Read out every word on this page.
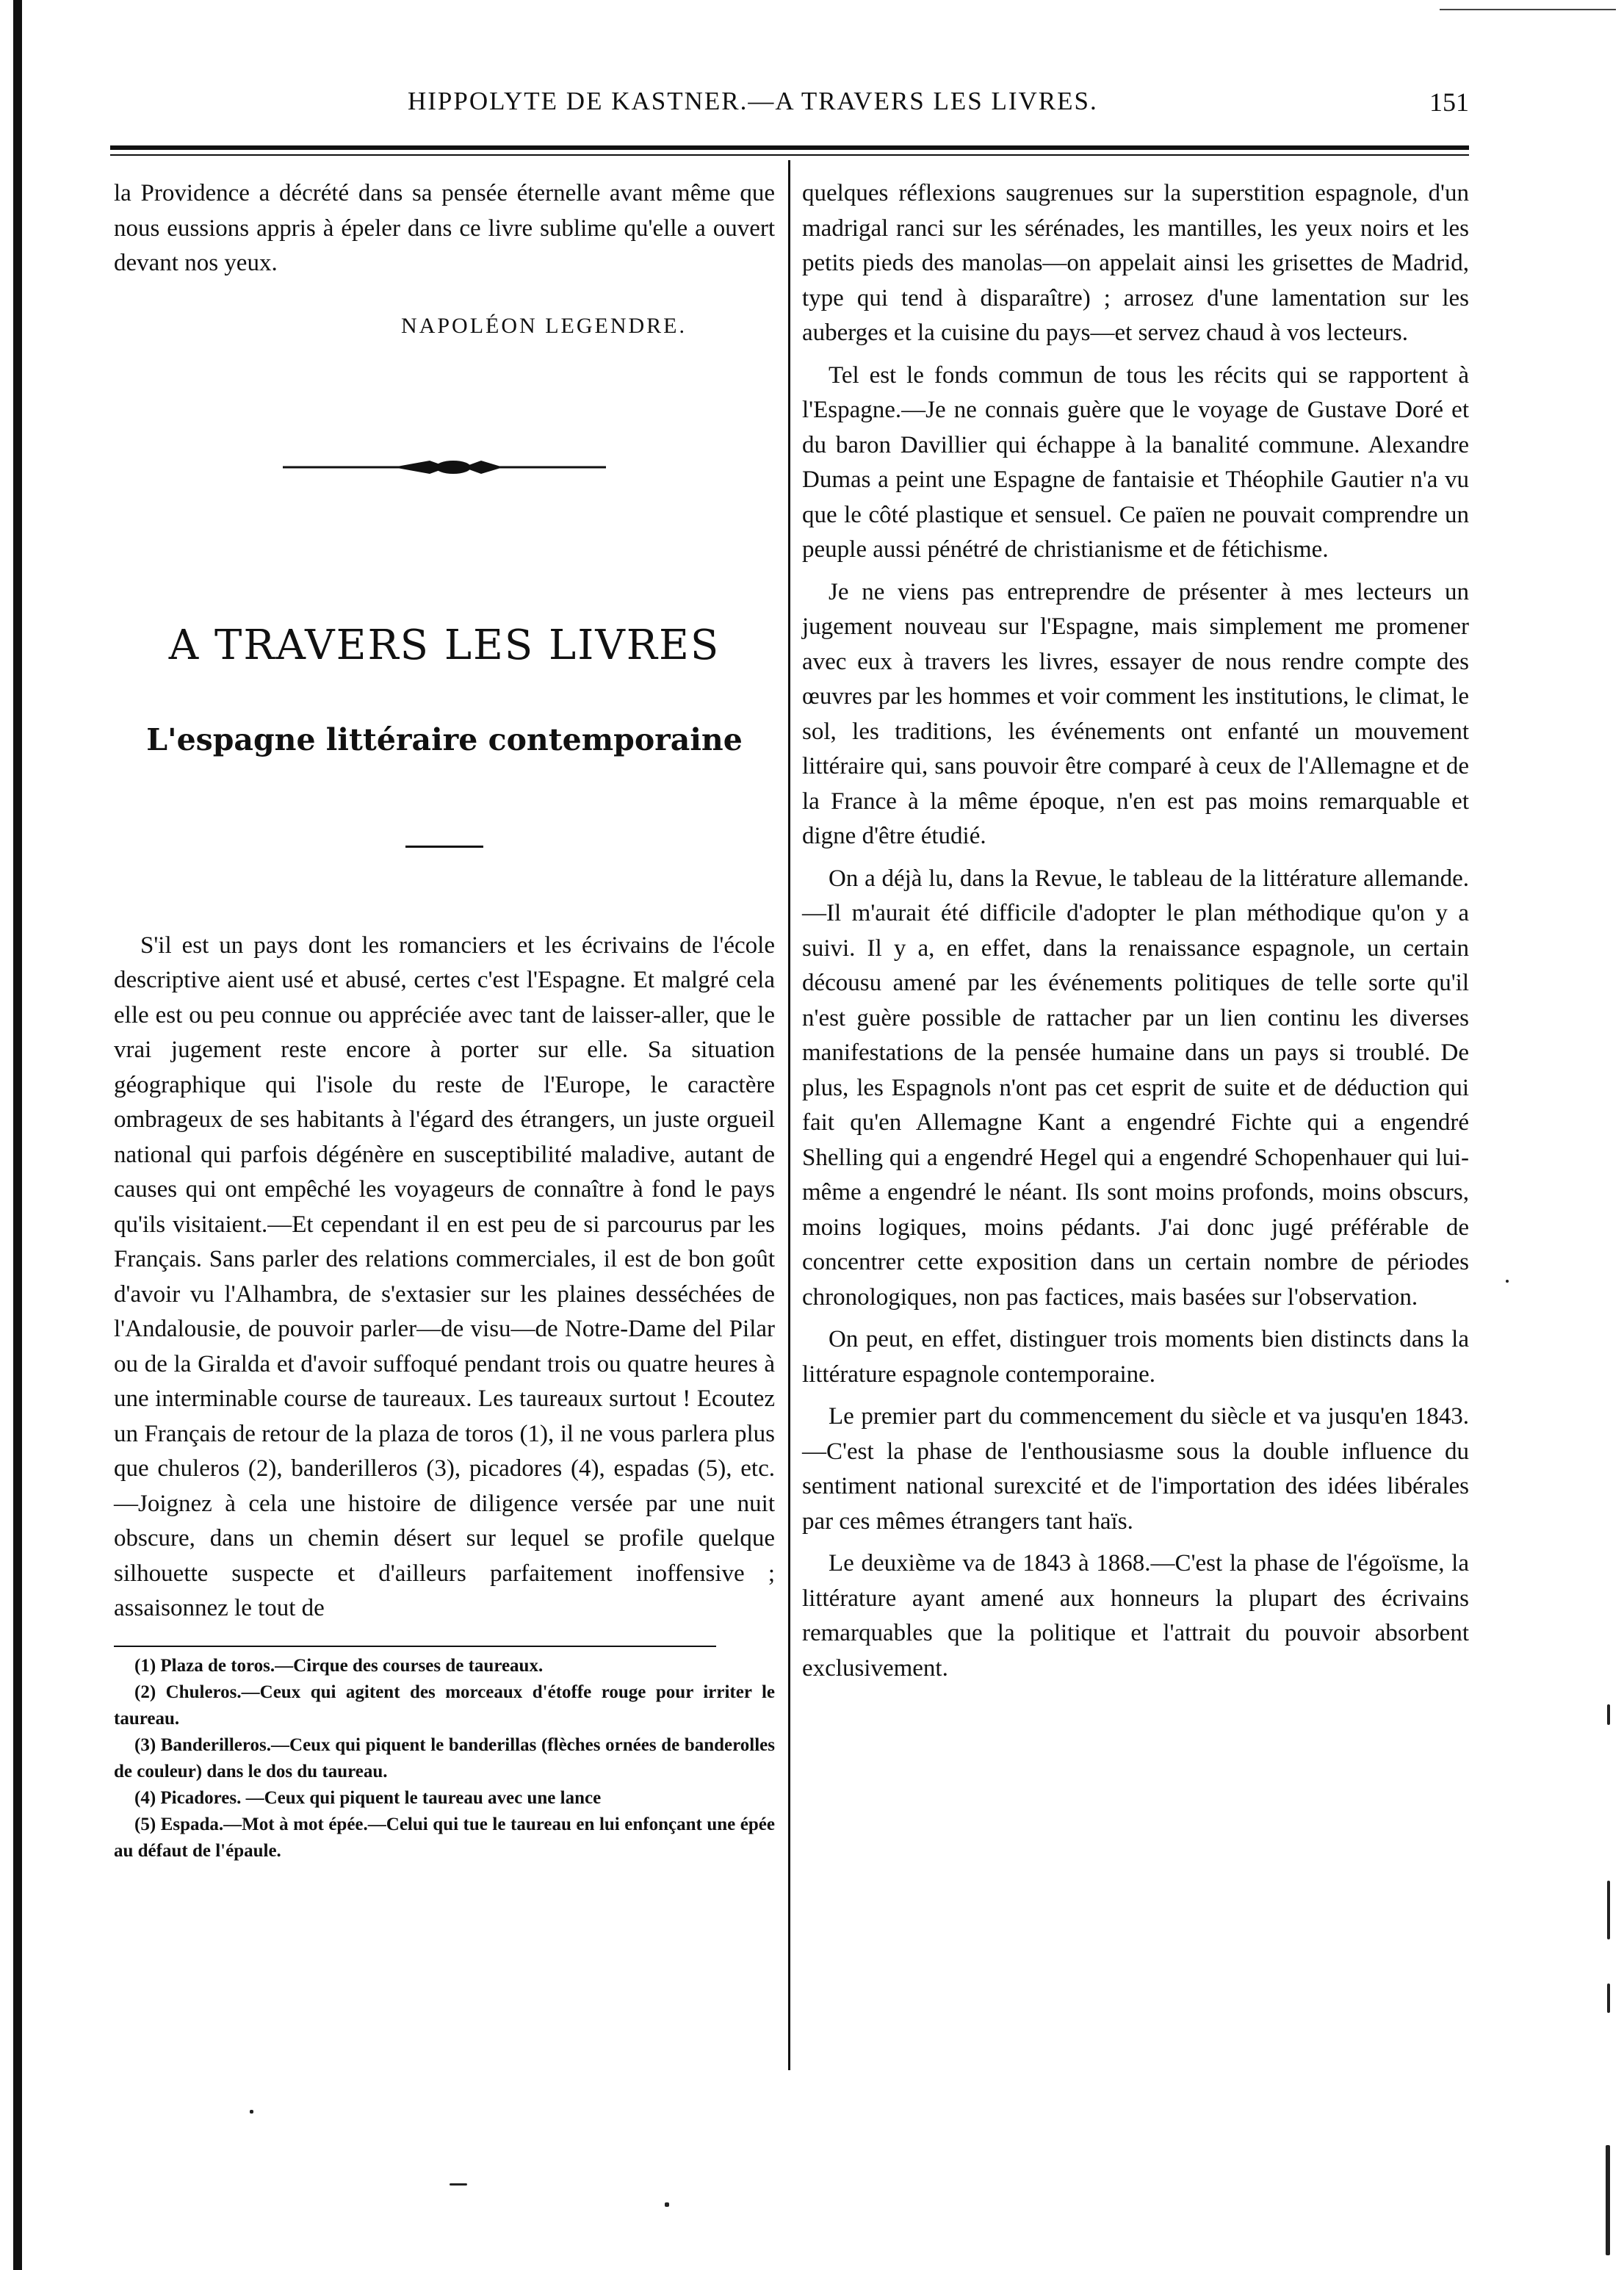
HIPPOLYTE DE KASTNER.—A TRAVERS LES LIVRES.	151

la Providence a décrété dans sa pensée éternelle avant même que nous eussions appris à épeler dans ce livre sublime qu'elle a ouvert devant nos yeux.

NAPOLÉON LEGENDRE.
A TRAVERS LES LIVRES
L'espagne littéraire contemporaine

S'il est un pays dont les romanciers et les écrivains de l'école descriptive aient usé et abusé, certes c'est l'Espagne. Et malgré cela elle est ou peu connue ou appréciée avec tant de laisser-aller, que le vrai jugement reste encore à porter sur elle. Sa situation géographique qui l'isole du reste de l'Europe, le caractère ombrageux de ses habitants à l'égard des étrangers, un juste orgueil national qui parfois dégénère en susceptibilité maladive, autant de causes qui ont empêché les voyageurs de connaître à fond le pays qu'ils visitaient.—Et cependant il en est peu de si parcourus par les Français. Sans parler des relations commerciales, il est de bon goût d'avoir vu l'Alhambra, de s'extasier sur les plaines desséchées de l'Andalousie, de pouvoir parler—de visu—de Notre-Dame del Pilar ou de la Giralda et d'avoir suffoqué pendant trois ou quatre heures à une interminable course de taureaux. Les taureaux surtout ! Ecoutez un Français de retour de la plaza de toros (1), il ne vous parlera plus que chuleros (2), banderilleros (3), picadores (4), espadas (5), etc.—Joignez à cela une histoire de diligence versée par une nuit obscure, dans un chemin désert sur lequel se profile quelque silhouette suspecte et d'ailleurs parfaitement inoffensive ; assaisonnez le tout de

(1) Plaza de toros.—Cirque des courses de taureaux.

(2) Chuleros.—Ceux qui agitent des morceaux d'étoffe rouge pour irriter le taureau.

(3) Banderilleros.—Ceux qui piquent le banderillas (flèches ornées de banderolles de couleur) dans le dos du taureau.

(4) Picadores. —Ceux qui piquent le taureau avec une lance

(5) Espada.—Mot à mot épée.—Celui qui tue le taureau en lui enfonçant une épée au défaut de l'épaule.

quelques réflexions saugrenues sur la superstition espagnole, d'un madrigal ranci sur les sérénades, les mantilles, les yeux noirs et les petits pieds des manolas—on appelait ainsi les grisettes de Madrid, type qui tend à disparaître) ; arrosez d'une lamentation sur les auberges et la cuisine du pays—et servez chaud à vos lecteurs.

Tel est le fonds commun de tous les récits qui se rapportent à l'Espagne.—Je ne connais guère que le voyage de Gustave Doré et du baron Davillier qui échappe à la banalité commune. Alexandre Dumas a peint une Espagne de fantaisie et Théophile Gautier n'a vu que le côté plastique et sensuel. Ce païen ne pouvait comprendre un peuple aussi pénétré de christianisme et de fétichisme.

Je ne viens pas entreprendre de présenter à mes lecteurs un jugement nouveau sur l'Espagne, mais simplement me promener avec eux à travers les livres, essayer de nous rendre compte des œuvres par les hommes et voir comment les institutions, le climat, le sol, les traditions, les événements ont enfanté un mouvement littéraire qui, sans pouvoir être comparé à ceux de l'Allemagne et de la France à la même époque, n'en est pas moins remarquable et digne d'être étudié.

On a déjà lu, dans la Revue, le tableau de la littérature allemande.—Il m'aurait été difficile d'adopter le plan méthodique qu'on y a suivi. Il y a, en effet, dans la renaissance espagnole, un certain décousu amené par les événements politiques de telle sorte qu'il n'est guère possible de rattacher par un lien continu les diverses manifestations de la pensée humaine dans un pays si troublé. De plus, les Espagnols n'ont pas cet esprit de suite et de déduction qui fait qu'en Allemagne Kant a engendré Fichte qui a engendré Shelling qui a engendré Hegel qui a engendré Schopenhauer qui lui-même a engendré le néant. Ils sont moins profonds, moins obscurs, moins logiques, moins pédants. J'ai donc jugé préférable de concentrer cette exposition dans un certain nombre de périodes chronologiques, non pas factices, mais basées sur l'observation.

On peut, en effet, distinguer trois moments bien distincts dans la littérature espagnole contemporaine.

Le premier part du commencement du siècle et va jusqu'en 1843.—C'est la phase de l'enthousiasme sous la double influence du sentiment national surexcité et de l'importation des idées libérales par ces mêmes étrangers tant haïs.

Le deuxième va de 1843 à 1868.—C'est la phase de l'égoïsme, la littérature ayant amené aux honneurs la plupart des écrivains remarquables que la politique et l'attrait du pouvoir absorbent exclusivement.
